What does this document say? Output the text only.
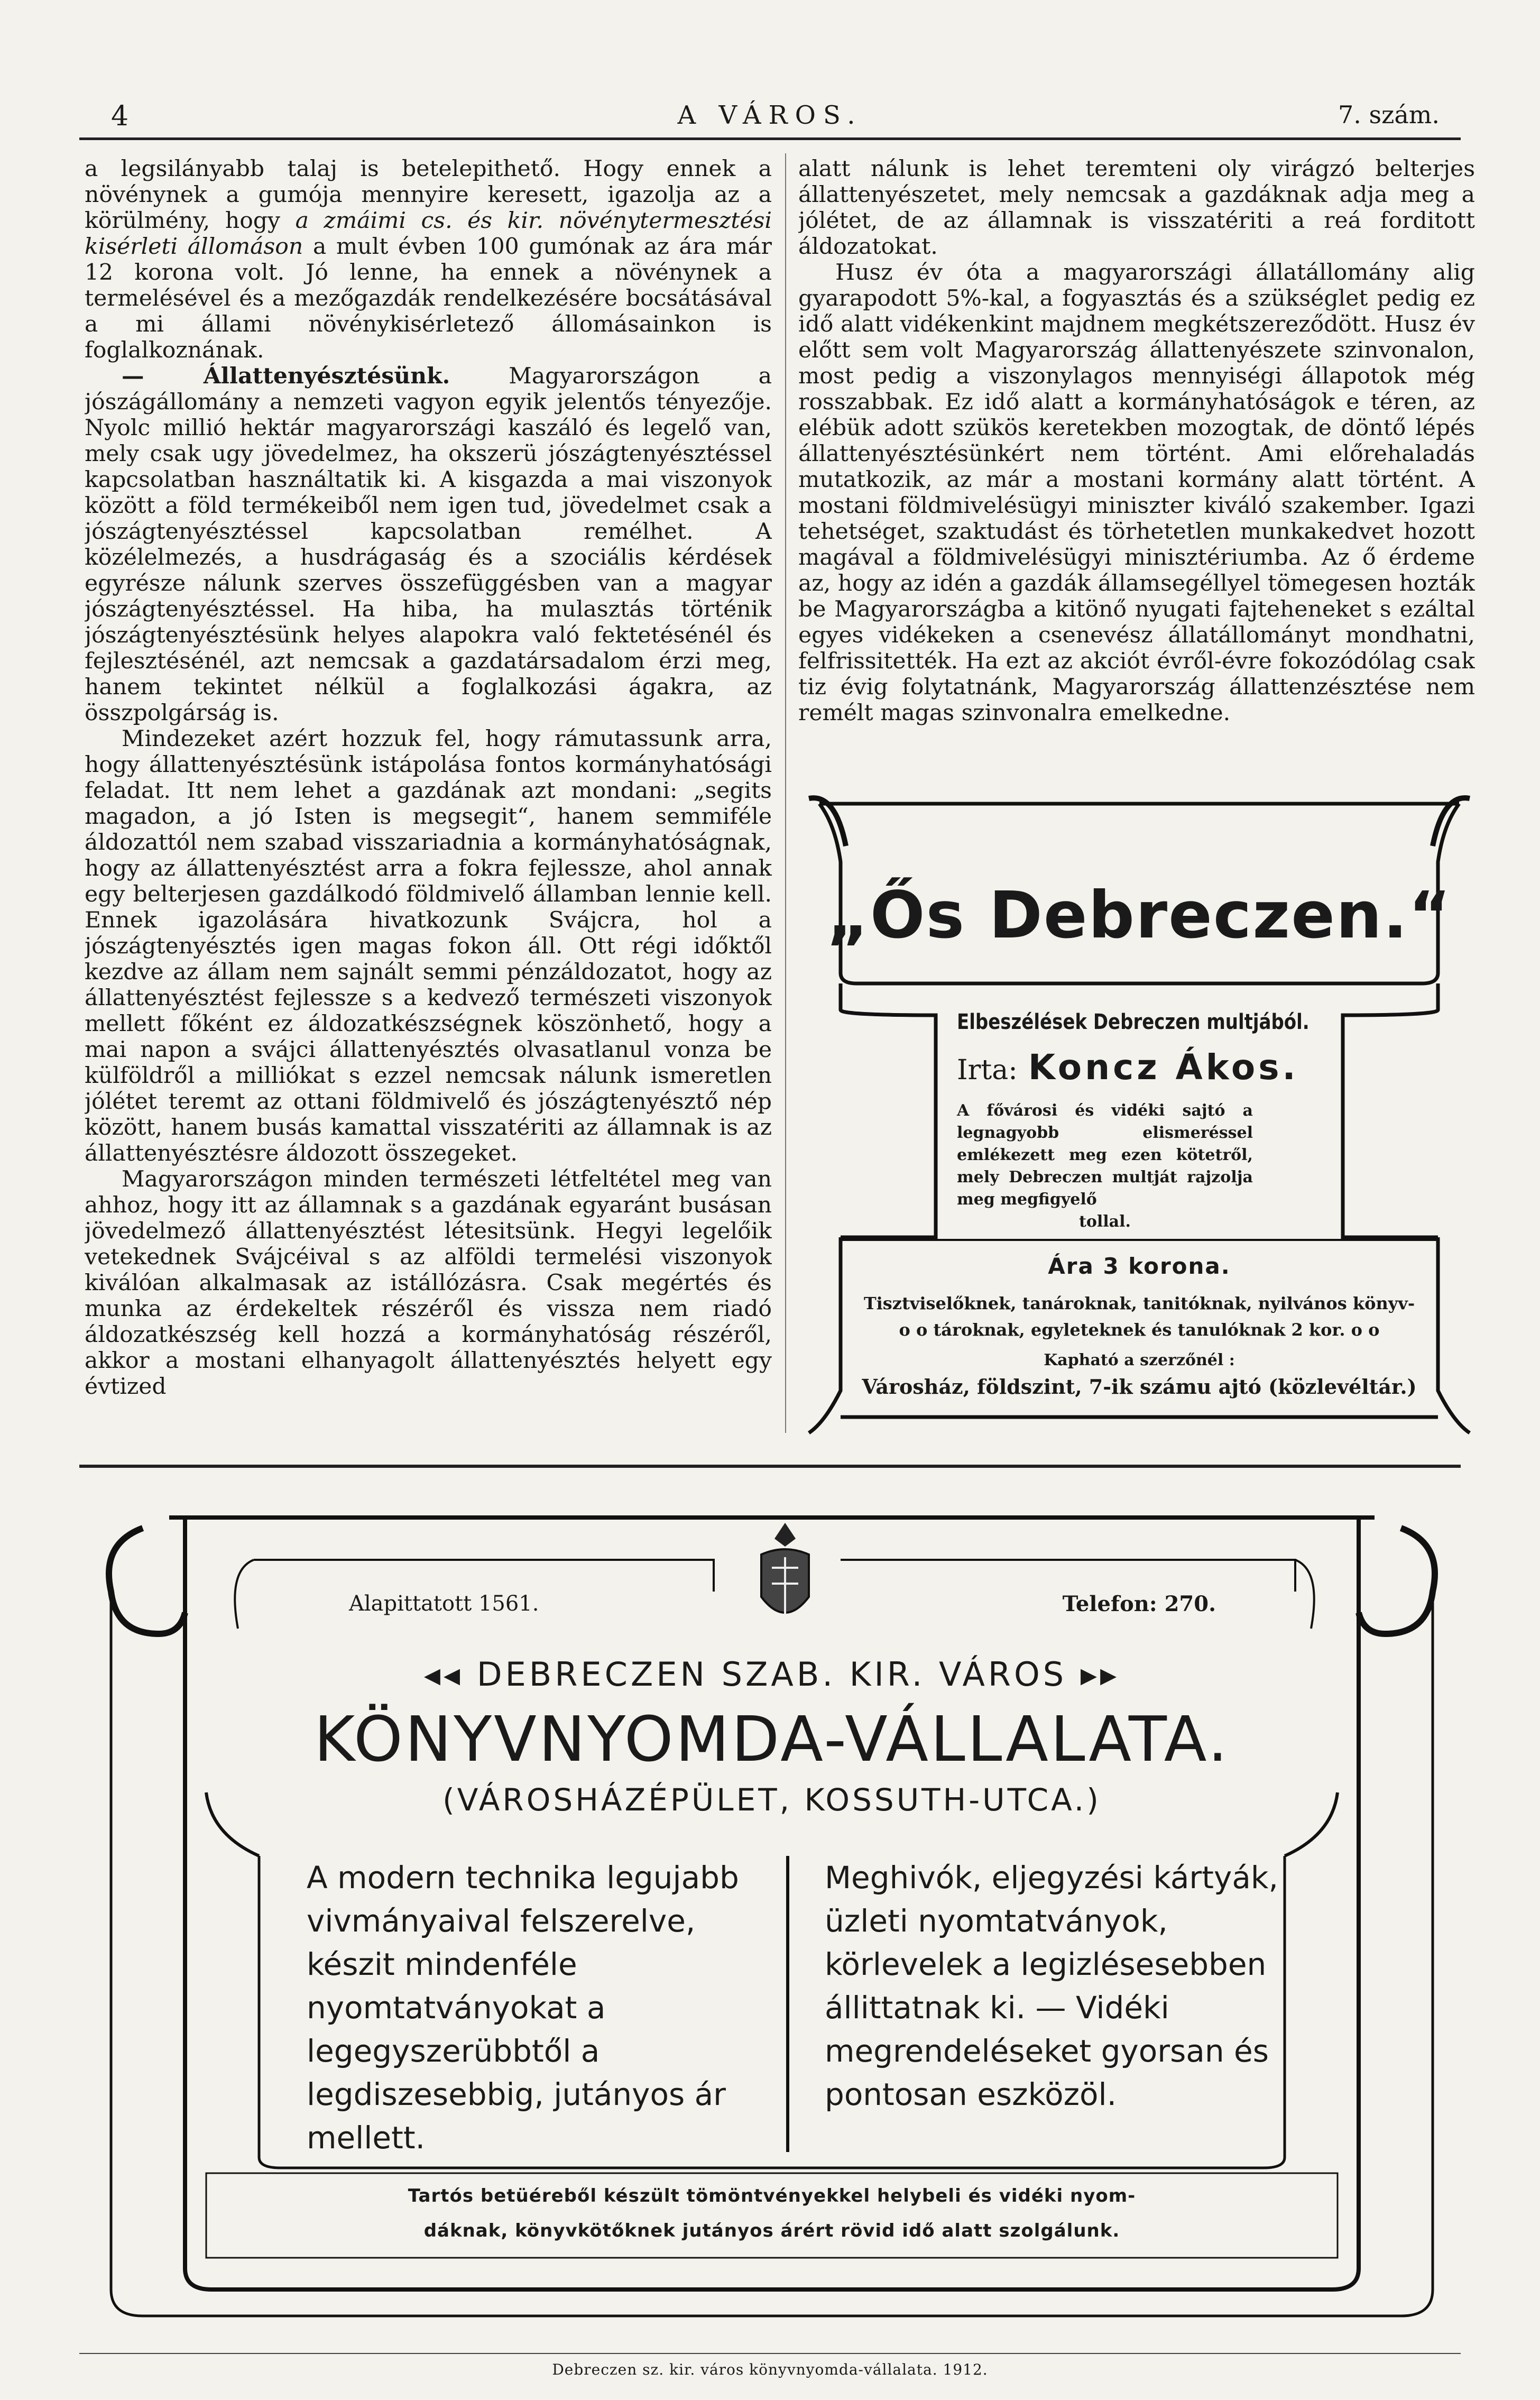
4	A VÁROS.	7. szám.

a legsilányabb talaj is betelepithető. Hogy ennek a növénynek a gumója mennyire keresett, igazolja az a körülmény, hogy a zmáimi cs. és kir. növénytermesztési kisérleti állomáson a mult évben 100 gumónak az ára már 12 korona volt. Jó lenne, ha ennek a növénynek a termelésével és a mezőgazdák rendelkezésére bocsátásával a mi állami növénykisérletező állomásainkon is foglalkoznának.

— Állattenyésztésünk.	Magyarországon a jószágállomány a nemzeti vagyon egyik jelentős tényezője. Nyolc millió hektár magyarországi kaszáló és legelő van, mely csak ugy jövedelmez, ha okszerü jószágtenyésztéssel kapcsolatban használtatik ki. A kisgazda a mai viszonyok között a föld termékeiből nem igen tud, jövedelmet csak a jószágtenyésztéssel kapcsolatban remélhet. A közélelmezés, a husdrágaság és a szociális kérdések egyrésze nálunk szerves összefüggésben van a magyar jószágtenyésztéssel. Ha hiba, ha mulasztás történik jószágtenyésztésünk helyes alapokra való fektetésénél és fejlesztésénél, azt nemcsak a gazdatársadalom érzi meg, hanem tekintet nélkül a foglalkozási ágakra, az összpolgárság is.

Mindezeket azért hozzuk fel, hogy rámutassunk arra, hogy állattenyésztésünk istápolása fontos kormányhatósági feladat. Itt nem lehet a gazdának azt mondani: „segits magadon, a jó Isten is megsegit“, hanem semmiféle áldozattól nem szabad visszariadnia a kormányhatóságnak, hogy az állattenyésztést arra a fokra fejlessze, ahol annak egy belterjesen gazdálkodó földmivelő államban lennie kell. Ennek igazolására hivatkozunk Svájcra, hol a jószágtenyésztés igen magas fokon áll. Ott régi időktől kezdve az állam nem sajnált semmi pénzáldozatot, hogy az állattenyésztést fejlessze s a kedvező természeti viszonyok mellett főként ez áldozatkészségnek köszönhető, hogy a mai napon a svájci állattenyésztés olvasatlanul vonza be külföldről a milliókat s ezzel nemcsak nálunk ismeretlen jólétet teremt az ottani földmivelő és jószágtenyésztő nép között, hanem busás kamattal visszatériti az államnak is az állattenyésztésre áldozott összegeket.

Magyarországon minden természeti létfeltétel meg van ahhoz, hogy itt az államnak s a gazdának egyaránt busásan jövedelmező állattenyésztést létesitsünk. Hegyi legelőik vetekednek Svájcéival s az alföldi termelési viszonyok kiválóan alkalmasak az istállózásra. Csak megértés és munka az érdekeltek részéről és vissza nem riadó áldozatkészség kell hozzá a kormányhatóság részéről, akkor a mostani elhanyagolt állattenyésztés helyett egy évtized

alatt nálunk is lehet teremteni oly virágzó belterjes állattenyészetet, mely nemcsak a gazdáknak adja meg a jólétet, de az államnak is visszatériti a reá forditott áldozatokat.

Husz év óta a magyarországi állatállomány alig gyarapodott 5%-kal, a fogyasztás és a szükséglet pedig ez idő alatt vidékenkint majdnem megkétszereződött. Husz év előtt sem volt Magyarország állattenyészete szinvonalon, most pedig a viszonylagos mennyiségi állapotok még rosszabbak. Ez idő alatt a kormányhatóságok e téren, az elébük adott szükös keretekben mozogtak, de döntő lépés állattenyésztésünkért nem történt. Ami előrehaladás mutatkozik, az már a mostani kormány alatt történt. A mostani földmivelésügyi miniszter kiváló szakember. Igazi tehetséget, szaktudást és törhetetlen munkakedvet hozott magával a földmivelésügyi minisztériumba. Az ő érdeme az, hogy az idén a gazdák államsegéllyel tömegesen hozták be Magyarországba a kitönő nyugati fajteheneket s ezáltal egyes vidékeken a csenevész állatállományt mondhatni, felfrissitették. Ha ezt az akciót évről-évre fokozódólag csak tiz évig folytatnánk, Magyarország állattenzésztése nem remélt magas szinvonalra emelkedne.

„Ős Debreczen.“
Elbeszélések Debreczen multjából.
Irta: Koncz Ákos.
A fővárosi és vidéki sajtó a legnagyobb elismeréssel emlékezett meg ezen kötetről, mely Debreczen multját rajzolja meg megfigyelő
tollal.
Ára 3 korona.
Tisztviselőknek, tanároknak, tanitóknak, nyilvános könyv-
o o tároknak, egyleteknek és tanulóknak 2 kor. o o
Kapható a szerzőnél :
Városház, földszint, 7-ik számu ajtó (közlevéltár.)
Alapittatott 1561.	Telefon: 270.
◂◂ DEBRECZEN SZAB. KIR. VÁROS ▸▸
KÖNYVNYOMDA-VÁLLALATA.
(VÁROSHÁZÉPÜLET, KOSSUTH-UTCA.)
A modern technika legujabb vivmányaival felszerelve, készit mindenféle nyomtatványokat a legegyszerübbtől a legdiszesebbig, jutányos ár mellett.
Meghivók, eljegyzési kártyák, üzleti nyomtatványok, körlevelek a legizlésesebben állittatnak ki. — Vidéki megrendeléseket gyorsan és pontosan eszközöl.
Tartós betüéreből készült tömöntvényekkel helybeli és vidéki nyom-
dáknak, könyvkötőknek jutányos árért rövid idő alatt szolgálunk.
Debreczen sz. kir. város könyvnyomda-vállalata. 1912.
